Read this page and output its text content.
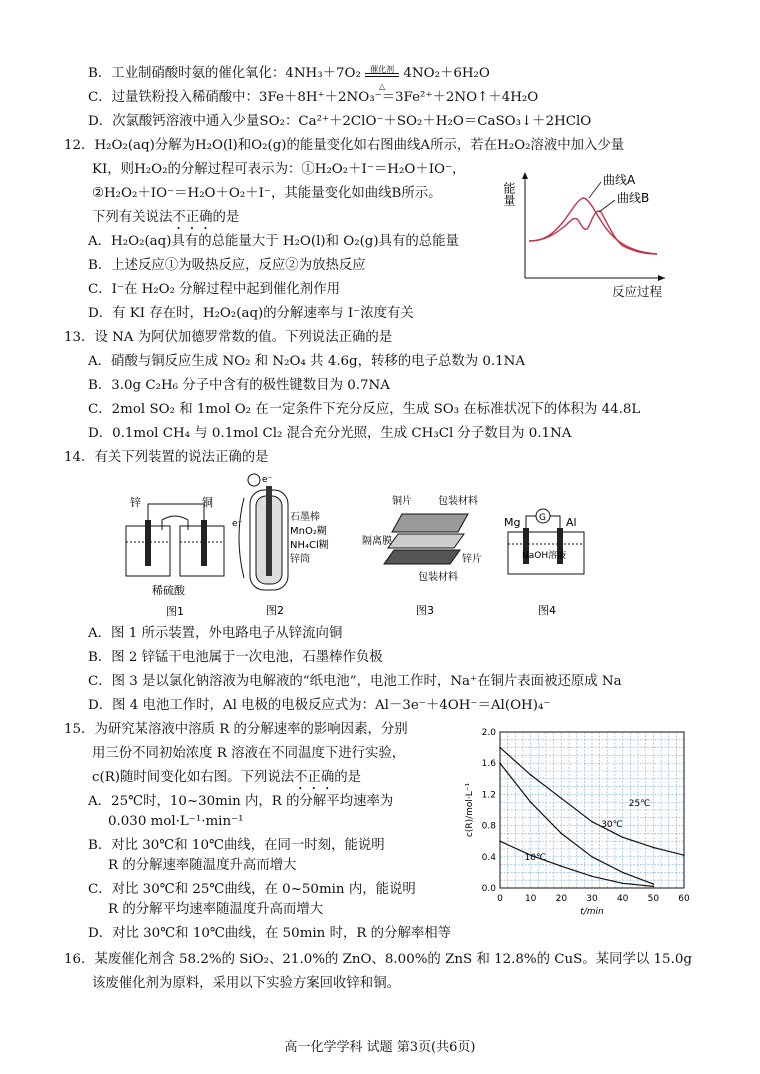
B．工业制硝酸时氨的催化氧化：4NH₃＋7O₂ 催化剂
△
4NO₂＋6H₂O
C．过量铁粉投入稀硝酸中：3Fe＋8H⁺＋2NO₃⁻＝3Fe²⁺＋2NO↑＋4H₂O
D．次氯酸钙溶液中通入少量SO₂：Ca²⁺＋2ClO⁻＋SO₂＋H₂O＝CaSO₃↓＋2HClO
12．H₂O₂(aq)分解为H₂O(l)和O₂(g)的能量变化如右图曲线A所示，若在H₂O₂溶液中加入少量
KI，则H₂O₂的分解过程可表示为：①H₂O₂＋I⁻＝H₂O＋IO⁻，
②H₂O₂＋IO⁻＝H₂O＋O₂＋I⁻，其能量变化如曲线B所示。
下列有关说法不正确的是
A．H₂O₂(aq)具有的总能量大于 H₂O(l)和 O₂(g)具有的总能量
B．上述反应①为吸热反应，反应②为放热反应
C．I⁻在 H₂O₂ 分解过程中起到催化剂作用
D．有 KI 存在时，H₂O₂(aq)的分解速率与 I⁻浓度有关
能量
曲线A
曲线B
反应过程
13．设 NA 为阿伏加德罗常数的值。下列说法正确的是
A．硝酸与铜反应生成 NO₂ 和 N₂O₄ 共 4.6g，转移的电子总数为 0.1NA
B．3.0g C₂H₆ 分子中含有的极性键数目为 0.7NA
C．2mol SO₂ 和 1mol O₂ 在一定条件下充分反应，生成 SO₃ 在标准状况下的体积为 44.8L
D．0.1mol CH₄ 与 0.1mol Cl₂ 混合充分光照，生成 CH₃Cl 分子数目为 0.1NA
14．有关下列装置的说法正确的是
锌	铜
稀硫酸
图1
e⁻
e⁻
石墨棒
MnO₂糊
NH₄Cl糊
锌筒
图2
铜片	包装材料
隔离膜
锌片
包装材料
图3
Mg	Al
G
NaOH溶液
图4
A．图 1 所示装置，外电路电子从锌流向铜
B．图 2 锌锰干电池属于一次电池，石墨棒作负极
C．图 3 是以氯化钠溶液为电解液的“纸电池”，电池工作时，Na⁺在铜片表面被还原成 Na
D．图 4 电池工作时，Al 电极的电极反应式为：Al－3e⁻＋4OH⁻＝Al(OH)₄⁻
15．为研究某溶液中溶质 R 的分解速率的影响因素，分别
用三份不同初始浓度 R 溶液在不同温度下进行实验，
c(R)随时间变化如右图。下列说法不正确的是
A．25℃时，10~30min 内，R 的分解平均速率为
0.030 mol·L⁻¹·min⁻¹
B．对比 30℃和 10℃曲线，在同一时刻，能说明
R 的分解速率随温度升高而增大
C．对比 30℃和 25℃曲线，在 0~50min 内，能说明
R 的分解平均速率随温度升高而增大
D．对比 30℃和 10℃曲线，在 50min 时，R 的分解率相等
0 10 20 30 40 50 60
0.0
0.4
0.8
1.2
1.6
2.0
t/min
c(R)/mol·L⁻¹	25℃
30℃
10℃
16．某废催化剂含 58.2%的 SiO₂、21.0%的 ZnO、8.00%的 ZnS 和 12.8%的 CuS。某同学以 15.0g
该废催化剂为原料，采用以下实验方案回收锌和铜。
高一化学学科 试题 第3页(共6页)
